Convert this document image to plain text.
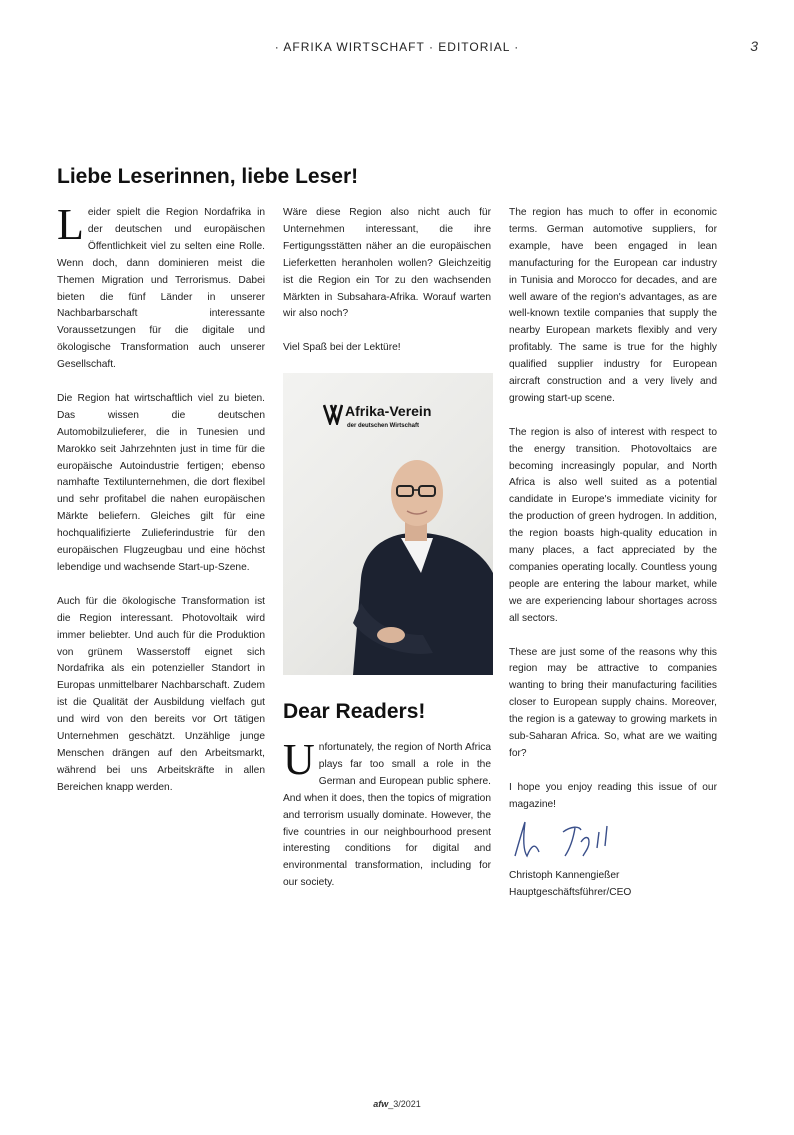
· AFRIKA WIRTSCHAFT · EDITORIAL ·	3
Liebe Leserinnen, liebe Leser!

Leider spielt die Region Nordafrika in der deutschen und europäischen Öffentlichkeit viel zu selten eine Rolle. Wenn doch, dann dominieren meist die Themen Migration und Terrorismus. Dabei bieten die fünf Länder in unserer Nachbarbarschaft interessante Voraussetzungen für die digitale und ökologische Transformation auch unserer Gesellschaft.

Die Region hat wirtschaftlich viel zu bieten. Das wissen die deutschen Automobilzulieferer, die in Tunesien und Marokko seit Jahrzehnten just in time für die europäische Autoindustrie fertigen; ebenso namhafte Textilunternehmen, die dort flexibel und sehr profitabel die nahen europäischen Märkte beliefern. Gleiches gilt für eine hochqualifizierte Zulieferindustrie für den europäischen Flugzeugbau und eine höchst lebendige und wachsende Start-up-Szene.

Auch für die ökologische Transformation ist die Region interessant. Photovoltaik wird immer beliebter. Und auch für die Produktion von grünem Wasserstoff eignet sich Nordafrika als ein potenzieller Standort in Europas unmittelbarer Nachbarschaft. Zudem ist die Qualität der Ausbildung vielfach gut und wird von den bereits vor Ort tätigen Unternehmen geschätzt. Unzählige junge Menschen drängen auf den Arbeitsmarkt, während bei uns Arbeitskräfte in allen Bereichen knapp werden.

Wäre diese Region also nicht auch für Unternehmen interessant, die ihre Fertigungsstätten näher an die europäischen Lieferketten heranholen wollen? Gleichzeitig ist die Region ein Tor zu den wachsenden Märkten in Subsahara-Afrika. Worauf warten wir also noch?

Viel Spaß bei der Lektüre!

Afrika-Verein
der deutschen Wirtschaft
Dear Readers!

Unfortunately, the region of North Africa plays far too small a role in the German and European public sphere. And when it does, then the topics of migration and terrorism usually dominate. However, the five countries in our neighbourhood present interesting conditions for digital and environmental transformation, including for our society.

The region has much to offer in economic terms. German automotive suppliers, for example, have been engaged in lean manufacturing for the European car industry in Tunisia and Morocco for decades, and are well aware of the region's advantages, as are well-known textile companies that supply the nearby European markets flexibly and very profitably. The same is true for the highly qualified supplier industry for European aircraft construction and a very lively and growing start-up scene.

The region is also of interest with respect to the energy transition. Photovoltaics are becoming increasingly popular, and North Africa is also well suited as a potential candidate in Europe's immediate vicinity for the production of green hydrogen. In addition, the region boasts high-quality education in many places, a fact appreciated by the companies operating locally. Countless young people are entering the labour market, while we are experiencing labour shortages across all sectors.

These are just some of the reasons why this region may be attractive to companies wanting to bring their manufacturing facilities closer to European supply chains. Moreover, the region is a gateway to growing markets in sub-Saharan Africa. So, what are we waiting for?

I hope you enjoy reading this issue of our magazine!

Christoph Kannengießer
Hauptgeschäftsführer/CEO
afw_3/2021
